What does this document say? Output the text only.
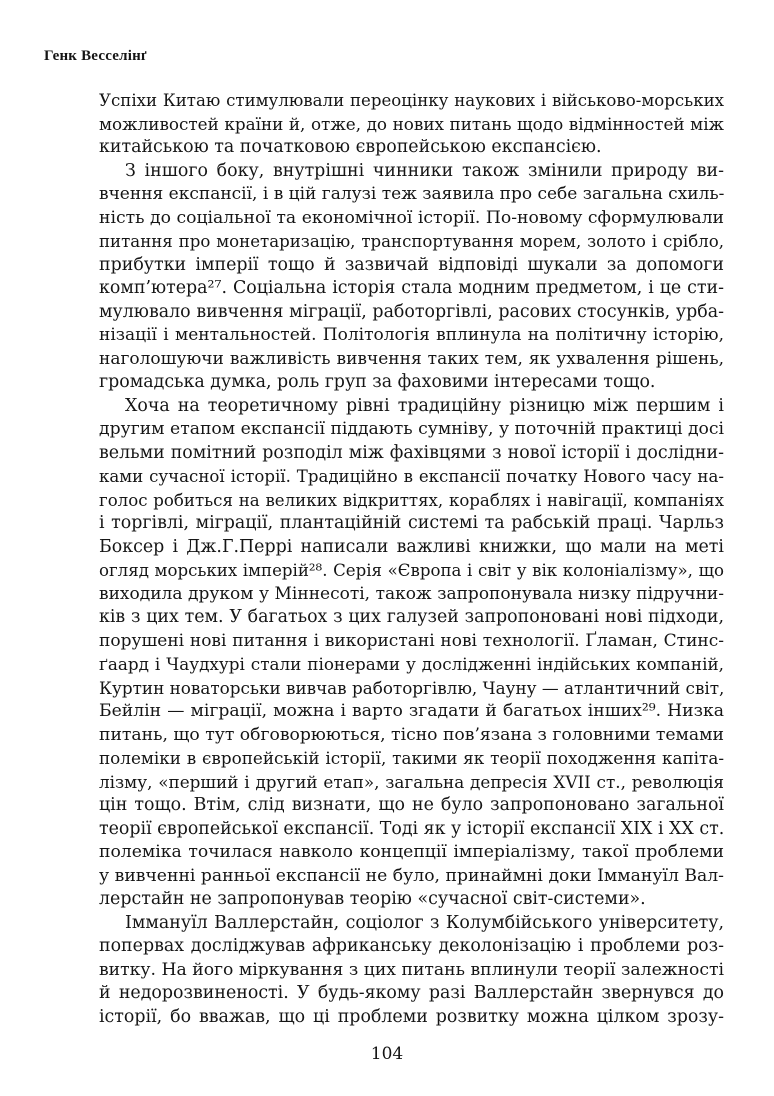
Генк Весселінґ
Успіхи Китаю стимулювали переоцінку наукових і військово-морських
можливостей країни й, отже, до нових питань щодо відмінностей між
китайською та початковою європейською експансією.
З іншого боку, внутрішні чинники також змінили природу ви-
вчення експансії, і в цій галузі теж заявила про себе загальна схиль-
ність до соціальної та економічної історії. По-новому сформулювали
питання про монетаризацію, транспортування морем, золото і срібло,
прибутки імперії тощо й зазвичай відповіді шукали за допомоги
комп’ютера²⁷. Соціальна історія стала модним предметом, і це сти-
мулювало вивчення міграції, работоргівлі, расових стосунків, урба-
нізації і ментальностей. Політологія вплинула на політичну історію,
наголошуючи важливість вивчення таких тем, як ухвалення рішень,
громадська думка, роль груп за фаховими інтересами тощо.
Хоча на теоретичному рівні традиційну різницю між першим і
другим етапом експансії піддають сумніву, у поточній практиці досі
вельми помітний розподіл між фахівцями з нової історії і дослідни-
ками сучасної історії. Традиційно в експансії початку Нового часу на-
голос робиться на великих відкриттях, кораблях і навігації, компаніях
і торгівлі, міграції, плантаційній системі та рабській праці. Чарльз
Боксер і Дж.Г.Перрі написали важливі книжки, що мали на меті
огляд морських імперій²⁸. Серія «Європа і світ у вік колоніалізму», що
виходила друком у Міннесоті, також запропонувала низку підручни-
ків з цих тем. У багатьох з цих галузей запропоновані нові підходи,
порушені нові питання і використані нові технології. Ґламан, Стинс-
ґаард і Чаудхурі стали піонерами у дослідженні індійських компаній,
Куртин новаторськи вивчав работоргівлю, Чауну — атлантичний світ,
Бейлін — міграції, можна і варто згадати й багатьох інших²⁹. Низка
питань, що тут обговорюються, тісно пов’язана з головними темами
полеміки в європейській історії, такими як теорії походження капіта-
лізму, «перший і другий етап», загальна депресія XVII ст., революція
цін тощо. Втім, слід визнати, що не було запропоновано загальної
теорії європейської експансії. Тоді як у історії експансії XIX і XX ст.
полеміка точилася навколо концепції імперіалізму, такої проблеми
у вивченні ранньої експансії не було, принаймні доки Іммануїл Вал-
лерстайн не запропонував теорію «сучасної світ-системи».
Іммануїл Валлерстайн, соціолог з Колумбійського університету,
попервах досліджував африканську деколонізацію і проблеми роз-
витку. На його міркування з цих питань вплинули теорії залежності
й недорозвиненості. У будь-якому разі Валлерстайн звернувся до
історії, бо вважав, що ці проблеми розвитку можна цілком зрозу-
104
